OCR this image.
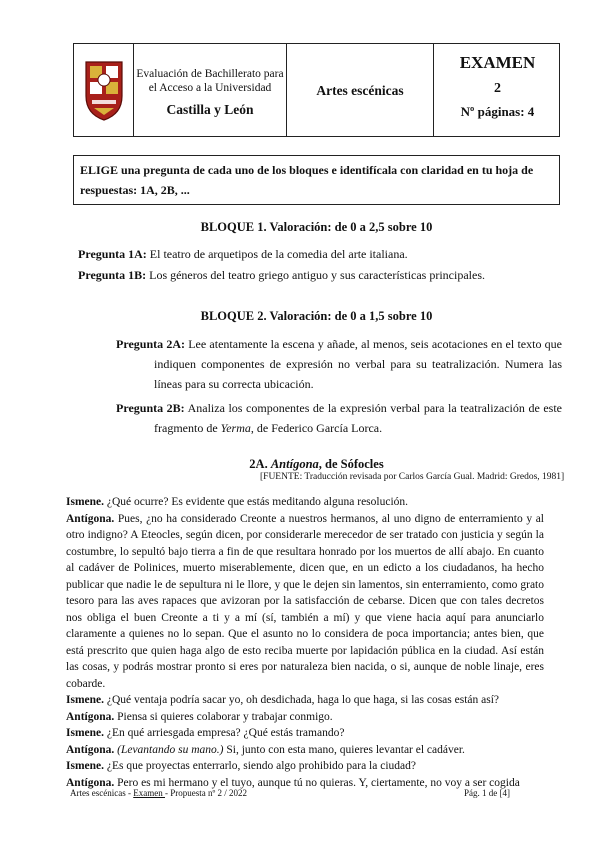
Evaluación de Bachillerato para
el Acceso a la Universidad
Castilla y León
Artes escénicas
EXAMEN
2
Nº páginas: 4
ELIGE una pregunta de cada uno de los bloques e identifícala con claridad en tu hoja de respuestas: 1A, 2B, ...
BLOQUE 1. Valoración: de 0 a 2,5 sobre 10
Pregunta 1A: El teatro de arquetipos de la comedia del arte italiana.
Pregunta 1B: Los géneros del teatro griego antiguo y sus características principales.
BLOQUE 2. Valoración: de 0 a 1,5 sobre 10
Pregunta 2A: Lee atentamente la escena y añade, al menos, seis acotaciones en el texto que indiquen componentes de expresión no verbal para su teatralización. Numera las líneas para su correcta ubicación.
Pregunta 2B: Analiza los componentes de la expresión verbal para la teatralización de este fragmento de Yerma, de Federico García Lorca.
2A. Antígona, de Sófocles
[FUENTE: Traducción revisada por Carlos García Gual. Madrid: Gredos, 1981]

Ismene. ¿Qué ocurre? Es evidente que estás meditando alguna resolución.

Antígona. Pues, ¿no ha considerado Creonte a nuestros hermanos, al uno digno de enterramiento y al otro indigno? A Eteocles, según dicen, por considerarle merecedor de ser tratado con justicia y según la costumbre, lo sepultó bajo tierra a fin de que resultara honrado por los muertos de allí abajo. En cuanto al cadáver de Polinices, muerto miserablemente, dicen que, en un edicto a los ciudadanos, ha hecho publicar que nadie le de sepultura ni le llore, y que le dejen sin lamentos, sin enterramiento, como grato tesoro para las aves rapaces que avizoran por la satisfacción de cebarse. Dicen que con tales decretos nos obliga el buen Creonte a ti y a mí (sí, también a mí) y que viene hacia aquí para anunciarlo claramente a quienes no lo sepan. Que el asunto no lo considera de poca importancia; antes bien, que está prescrito que quien haga algo de esto reciba muerte por lapidación pública en la ciudad. Así están las cosas, y podrás mostrar pronto si eres por naturaleza bien nacida, o si, aunque de noble linaje, eres cobarde.

Ismene. ¿Qué ventaja podría sacar yo, oh desdichada, haga lo que haga, si las cosas están así?

Antígona. Piensa si quieres colaborar y trabajar conmigo.

Ismene. ¿En qué arriesgada empresa? ¿Qué estás tramando?

Antígona. (Levantando su mano.) Si, junto con esta mano, quieres levantar el cadáver.

Ismene. ¿Es que proyectas enterrarlo, siendo algo prohibido para la ciudad?

Antígona. Pero es mi hermano y el tuyo, aunque tú no quieras. Y, ciertamente, no voy a ser cogida

Artes escénicas - Examen - Propuesta nº 2 / 2022	Pág. 1 de [4]
